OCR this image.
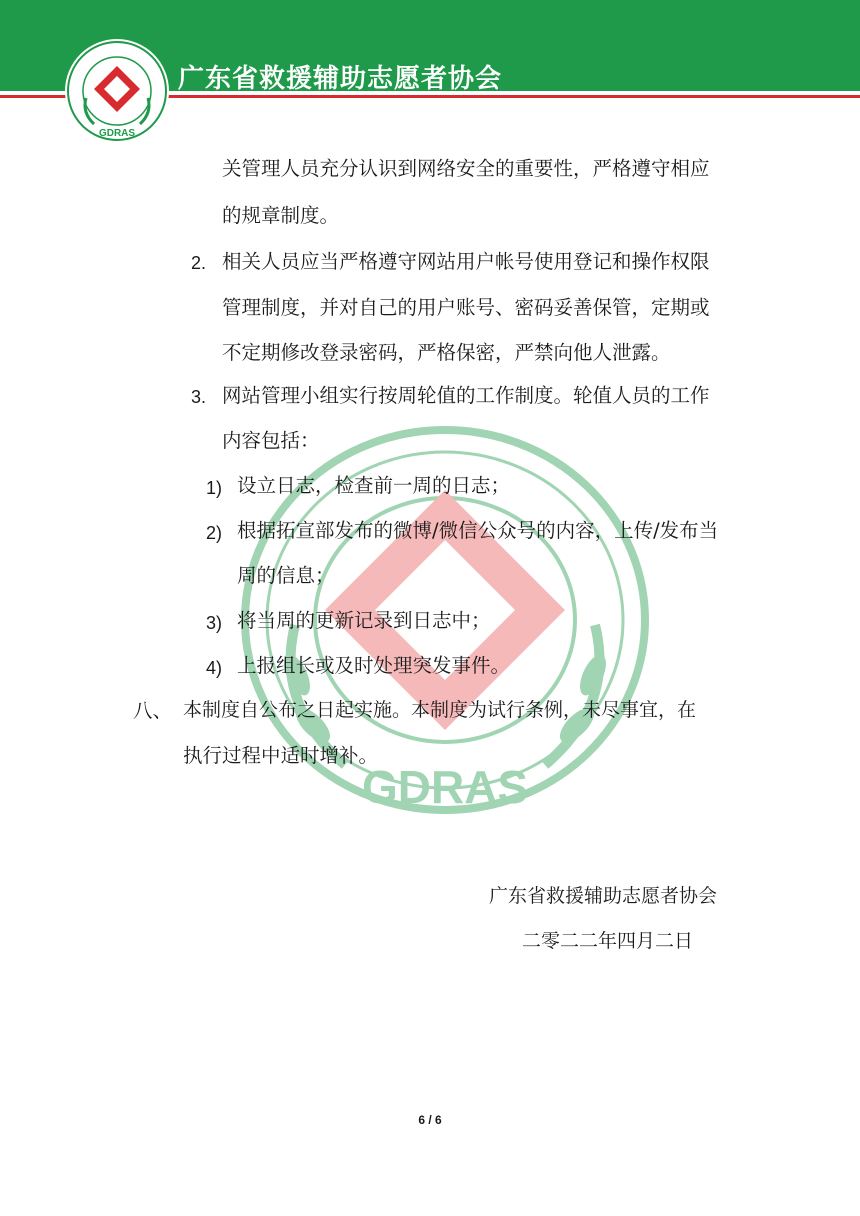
GDRAS
广东省救援辅助志愿者协会
GDRAS
关管理人员充分认识到网络安全的重要性，严格遵守相应
的规章制度。
2. 相关人员应当严格遵守网站用户帐号使用登记和操作权限
管理制度，并对自己的用户账号、密码妥善保管，定期或
不定期修改登录密码，严格保密，严禁向他人泄露。
3. 网站管理小组实行按周轮值的工作制度。轮值人员的工作
内容包括：
1) 设立日志，检查前一周的日志；
2) 根据拓宣部发布的微博/微信公众号的内容，上传/发布当
周的信息；
3) 将当周的更新记录到日志中；
4) 上报组长或及时处理突发事件。
八、 本制度自公布之日起实施。本制度为试行条例，未尽事宜，在
执行过程中适时增补。
广东省救援辅助志愿者协会
二零二二年四月二日
6 / 6
